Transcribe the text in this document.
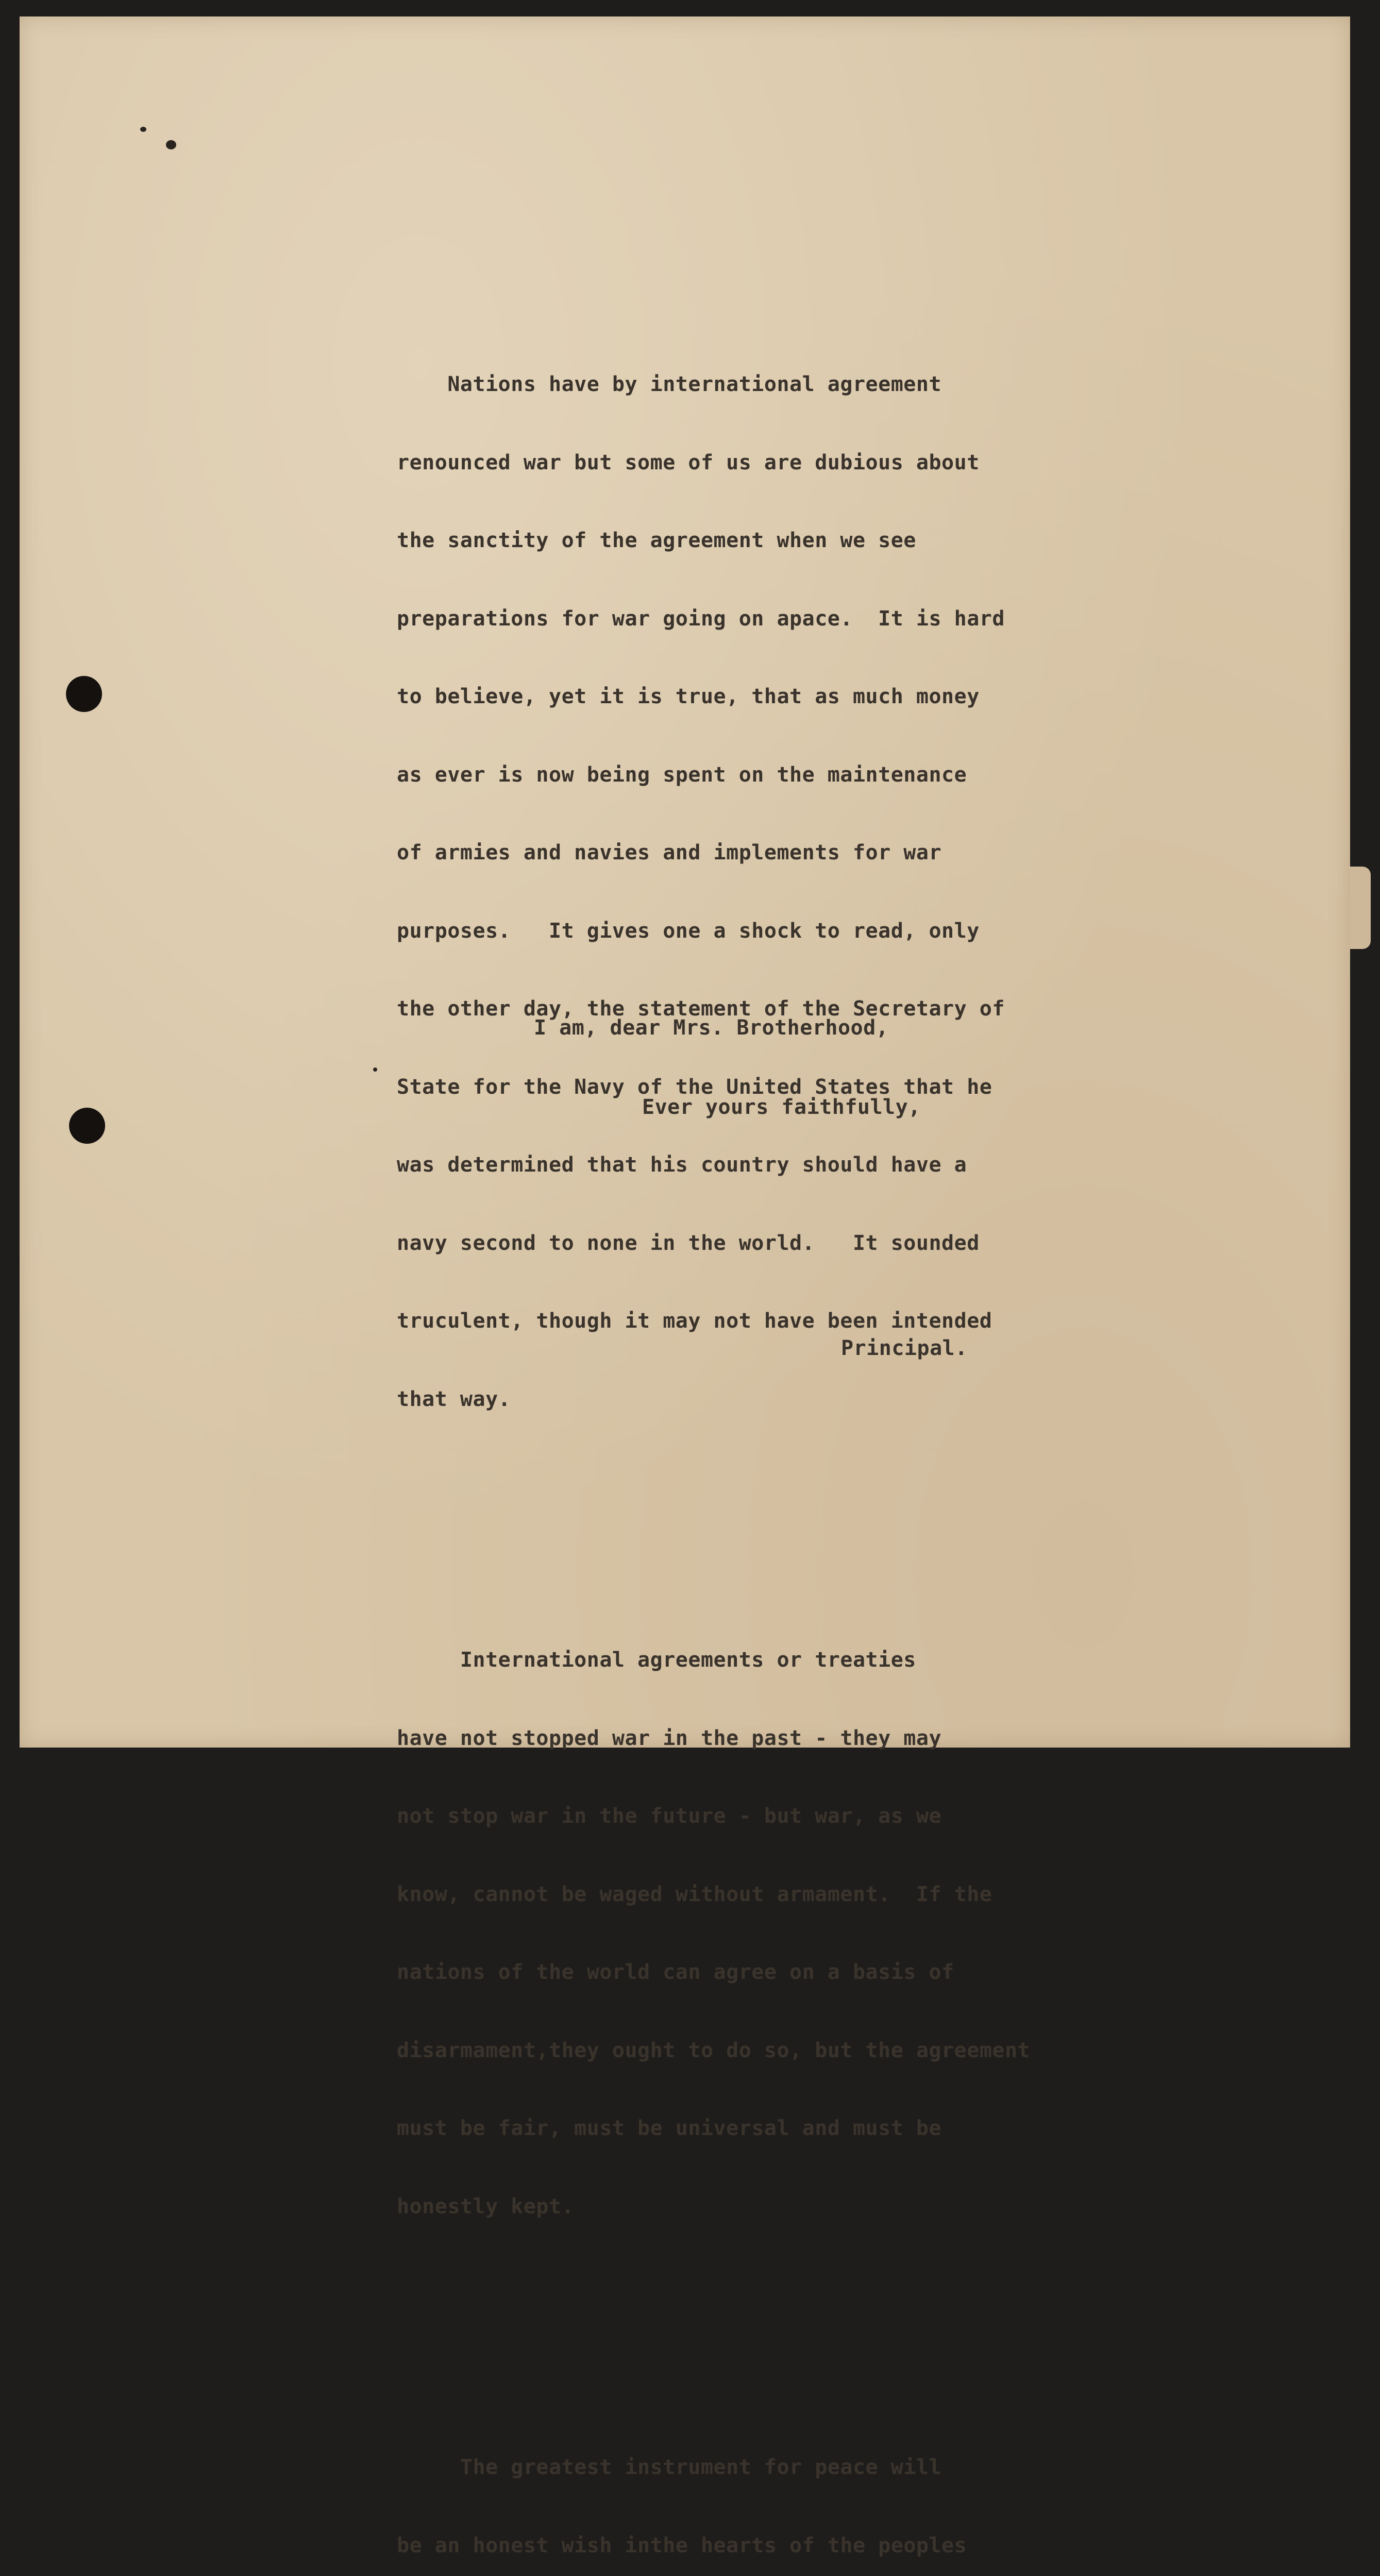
Nations have by international agreement

renounced war but some of us are dubious about

the sanctity of the agreement when we see

preparations for war going on apace.  It is hard

to believe, yet it is true, that as much money

as ever is now being spent on the maintenance

of armies and navies and implements for war

purposes.   It gives one a shock to read, only

the other day, the statement of the Secretary of

State for the Navy of the United States that he

was determined that his country should have a

navy second to none in the world.   It sounded

truculent, though it may not have been intended

that way.

International agreements or treaties

have not stopped war in the past - they may

not stop war in the future - but war, as we

know, cannot be waged without armament.  If the

nations of the world can agree on a basis of

disarmament,they ought to do so, but the agreement

must be fair, must be universal and must be

honestly kept.

The greatest instrument for peace will

be an honest wish inthe hearts of the peoples

I am, dear Mrs. Brotherhood,
Ever yours faithfully,
Principal.
